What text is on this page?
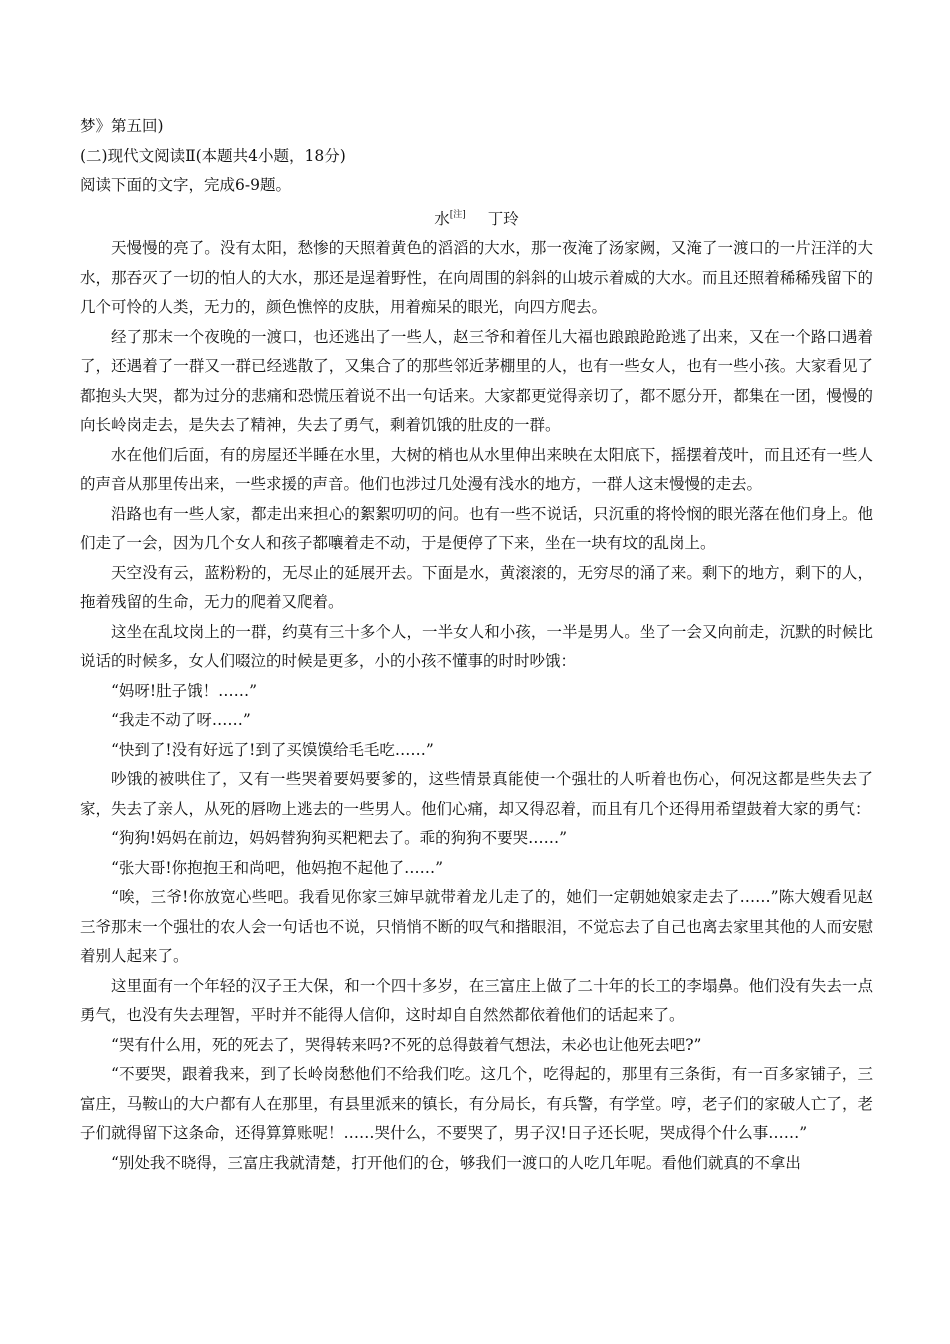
梦》第五回)

(二)现代文阅读Ⅱ(本题共4小题，18分)

阅读下面的文字，完成6-9题。

水[注] 丁玲

天慢慢的亮了。没有太阳，愁惨的天照着黄色的滔滔的大水，那一夜淹了汤家阙，又淹了一渡口的一片汪洋的大水，那吞灭了一切的怕人的大水，那还是逞着野性，在向周围的斜斜的山坡示着威的大水。而且还照着稀稀残留下的几个可怜的人类，无力的，颜色憔悴的皮肤，用着痴呆的眼光，向四方爬去。

经了那末一个夜晚的一渡口，也还逃出了一些人，赵三爷和着侄儿大福也踉踉跄跄逃了出来，又在一个路口遇着了，还遇着了一群又一群已经逃散了，又集合了的那些邻近茅棚里的人，也有一些女人，也有一些小孩。大家看见了都抱头大哭，都为过分的悲痛和恐慌压着说不出一句话来。大家都更觉得亲切了，都不愿分开，都集在一团，慢慢的向长岭岗走去，是失去了精神，失去了勇气，剩着饥饿的肚皮的一群。

水在他们后面，有的房屋还半睡在水里，大树的梢也从水里伸出来映在太阳底下，摇摆着茂叶，而且还有一些人的声音从那里传出来，一些求援的声音。他们也涉过几处漫有浅水的地方，一群人这末慢慢的走去。

沿路也有一些人家，都走出来担心的絮絮叨叨的问。也有一些不说话，只沉重的将怜悯的眼光落在他们身上。他们走了一会，因为几个女人和孩子都嚷着走不动，于是便停了下来，坐在一块有坟的乱岗上。

天空没有云，蓝粉粉的，无尽止的延展开去。下面是水，黄滚滚的，无穷尽的涌了来。剩下的地方，剩下的人，拖着残留的生命，无力的爬着又爬着。

这坐在乱坟岗上的一群，约莫有三十多个人，一半女人和小孩，一半是男人。坐了一会又向前走，沉默的时候比说话的时候多，女人们啜泣的时候是更多，小的小孩不懂事的时时吵饿：

“妈呀!肚子饿！……”

“我走不动了呀……”

“快到了!没有好远了!到了买馍馍给毛毛吃……”

吵饿的被哄住了，又有一些哭着要妈要爹的，这些情景真能使一个强壮的人听着也伤心，何况这都是些失去了家，失去了亲人，从死的唇吻上逃去的一些男人。他们心痛，却又得忍着，而且有几个还得用希望鼓着大家的勇气：

“狗狗!妈妈在前边，妈妈替狗狗买粑粑去了。乖的狗狗不要哭……”

“张大哥!你抱抱王和尚吧，他妈抱不起他了……”

“唉，三爷!你放宽心些吧。我看见你家三婶早就带着龙儿走了的，她们一定朝她娘家走去了……”陈大嫂看见赵三爷那末一个强壮的农人会一句话也不说，只悄悄不断的叹气和揩眼泪，不觉忘去了自己也离去家里其他的人而安慰着别人起来了。

这里面有一个年轻的汉子王大保，和一个四十多岁，在三富庄上做了二十年的长工的李塌鼻。他们没有失去一点勇气，也没有失去理智，平时并不能得人信仰，这时却自自然然都依着他们的话起来了。

“哭有什么用，死的死去了，哭得转来吗?不死的总得鼓着气想法，未必也让他死去吧?”

“不要哭，跟着我来，到了长岭岗愁他们不给我们吃。这几个，吃得起的，那里有三条街，有一百多家铺子，三富庄，马鞍山的大户都有人在那里，有县里派来的镇长，有分局长，有兵警，有学堂。哼，老子们的家破人亡了，老子们就得留下这条命，还得算算账呢！……哭什么，不要哭了，男子汉!日子还长呢，哭成得个什么事……”

“别处我不晓得，三富庄我就清楚，打开他们的仓，够我们一渡口的人吃几年呢。看他们就真的不拿出
